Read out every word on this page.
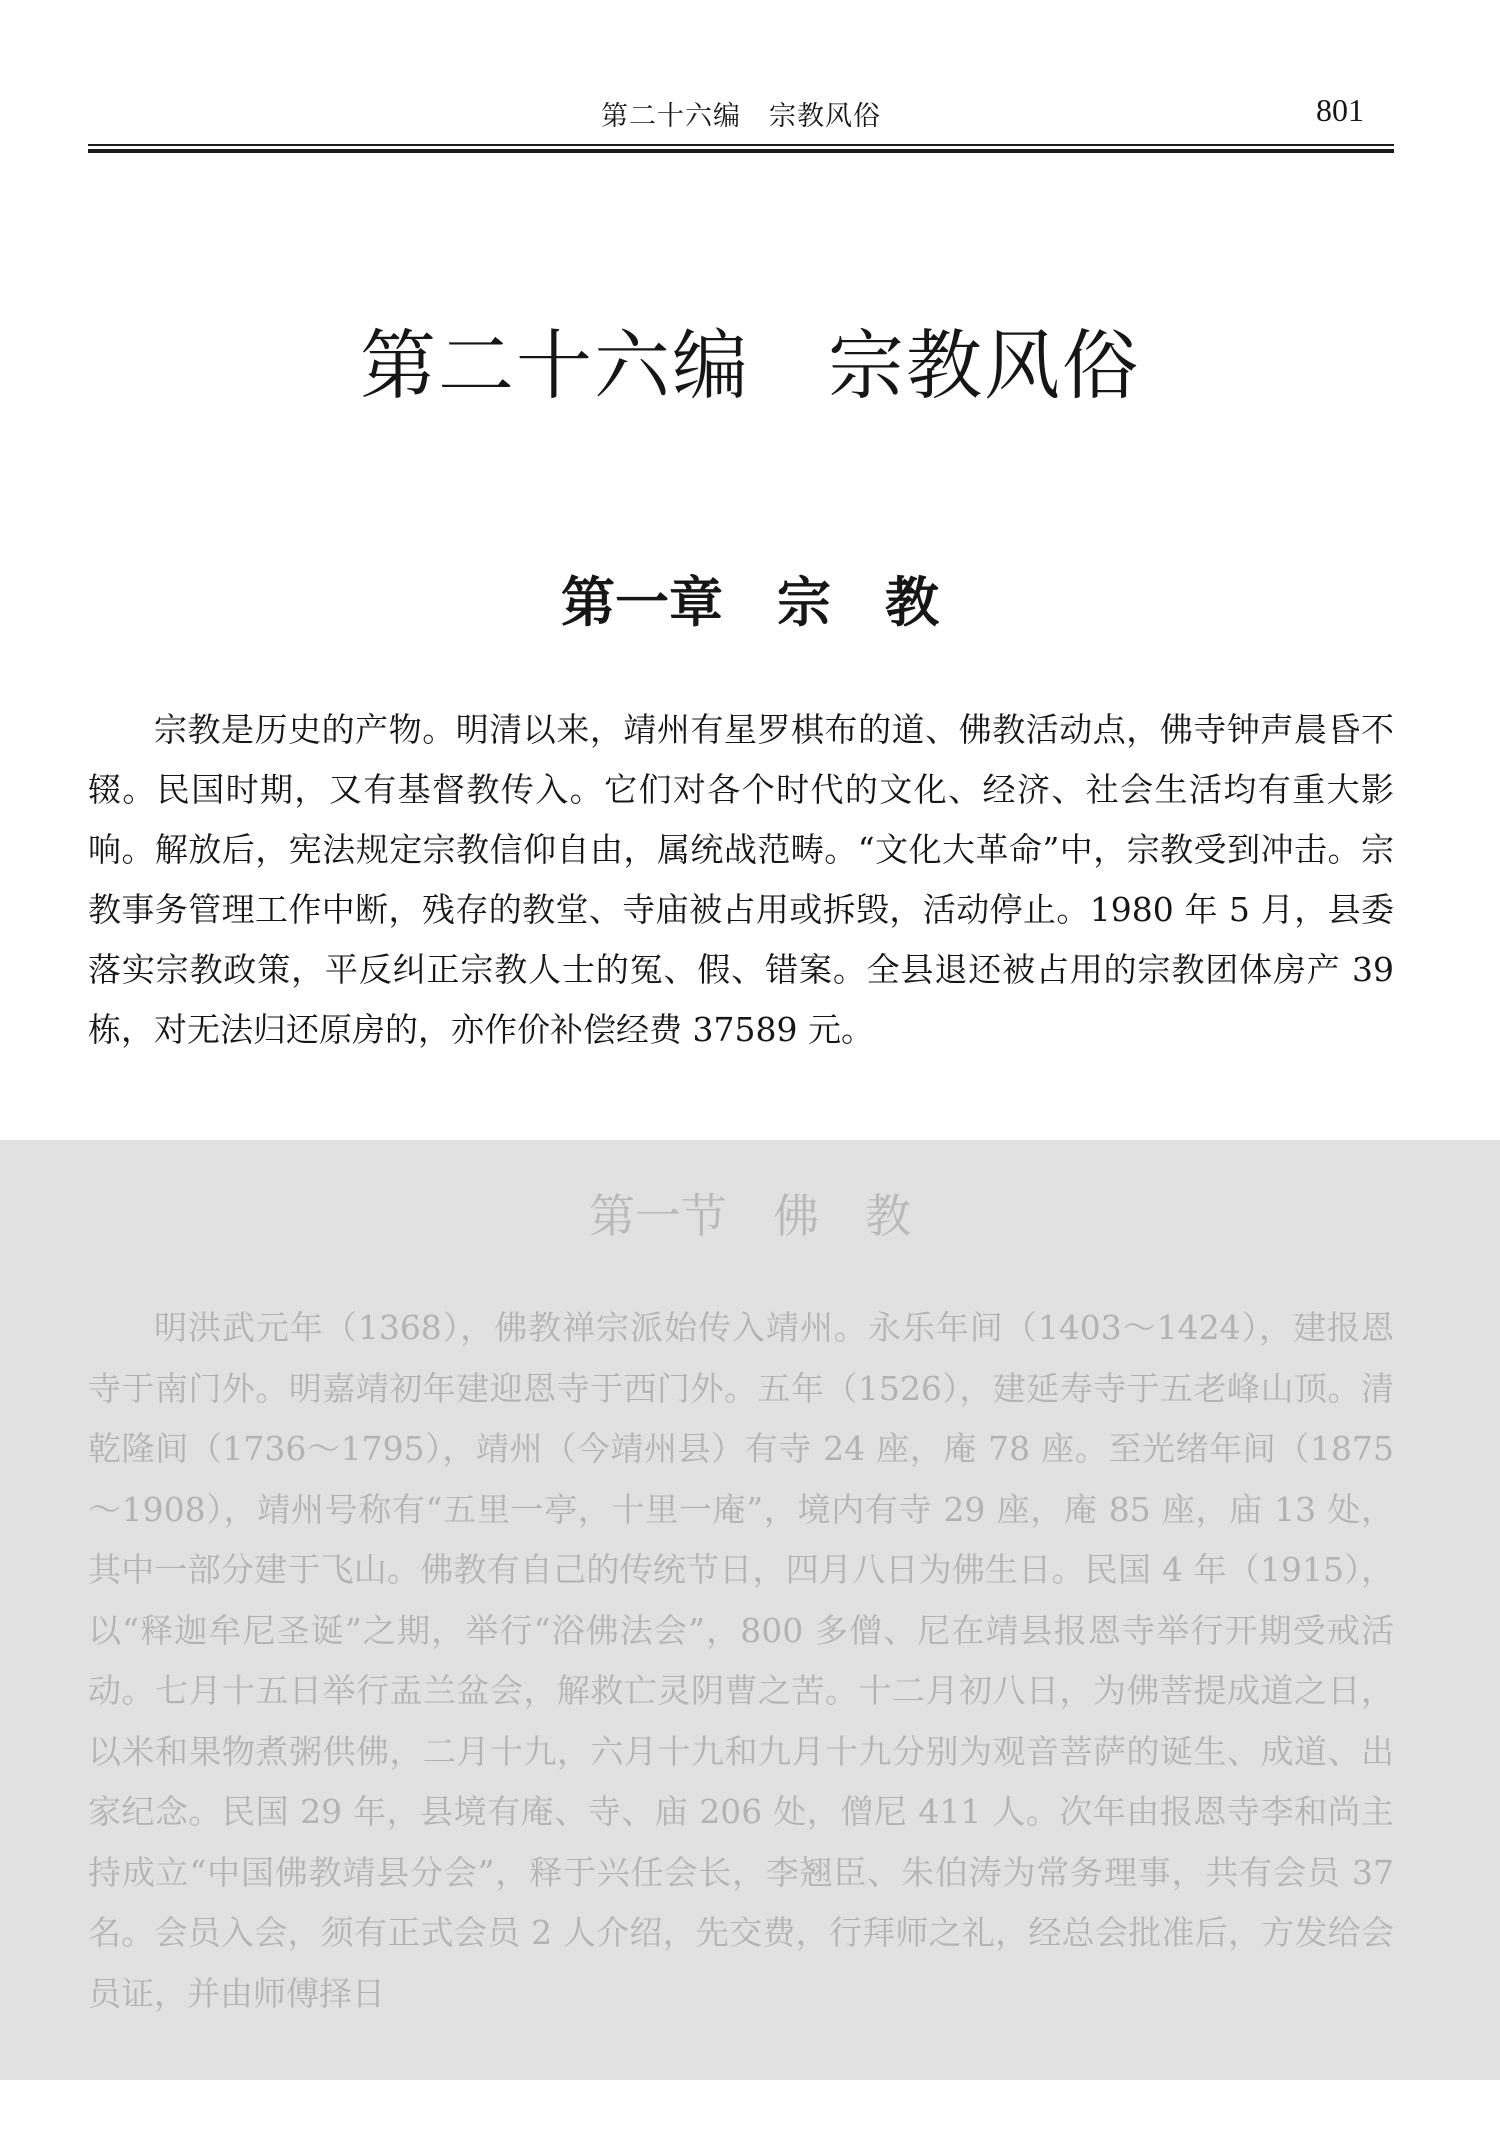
第二十六编　宗教风俗	801
第二十六编　宗教风俗
第一章　宗　教

宗教是历史的产物。明清以来，靖州有星罗棋布的道、佛教活动点，佛寺钟声晨昏不辍。民国时期，又有基督教传入。它们对各个时代的文化、经济、社会生活均有重大影响。解放后，宪法规定宗教信仰自由，属统战范畴。“文化大革命”中，宗教受到冲击。宗教事务管理工作中断，残存的教堂、寺庙被占用或拆毁，活动停止。1980 年 5 月，县委落实宗教政策，平反纠正宗教人士的冤、假、错案。全县退还被占用的宗教团体房产 39 栋，对无法归还原房的，亦作价补偿经费 37589 元。

第一节　佛　教

明洪武元年（1368），佛教禅宗派始传入靖州。永乐年间（1403～1424），建报恩寺于南门外。明嘉靖初年建迎恩寺于西门外。五年（1526），建延寿寺于五老峰山顶。清乾隆间（1736～1795），靖州（今靖州县）有寺 24 座，庵 78 座。至光绪年间（1875～1908），靖州号称有“五里一亭，十里一庵”，境内有寺 29 座，庵 85 座，庙 13 处，其中一部分建于飞山。佛教有自己的传统节日，四月八日为佛生日。民国 4 年（1915），以“释迦牟尼圣诞”之期，举行“浴佛法会”，800 多僧、尼在靖县报恩寺举行开期受戒活动。七月十五日举行盂兰盆会，解救亡灵阴曹之苦。十二月初八日，为佛菩提成道之日，以米和果物煮粥供佛，二月十九，六月十九和九月十九分别为观音菩萨的诞生、成道、出家纪念。民国 29 年，县境有庵、寺、庙 206 处，僧尼 411 人。次年由报恩寺李和尚主持成立“中国佛教靖县分会”，释于兴任会长，李翘臣、朱伯涛为常务理事，共有会员 37 名。会员入会，须有正式会员 2 人介绍，先交费，行拜师之礼，经总会批准后，方发给会员证，并由师傅择日
